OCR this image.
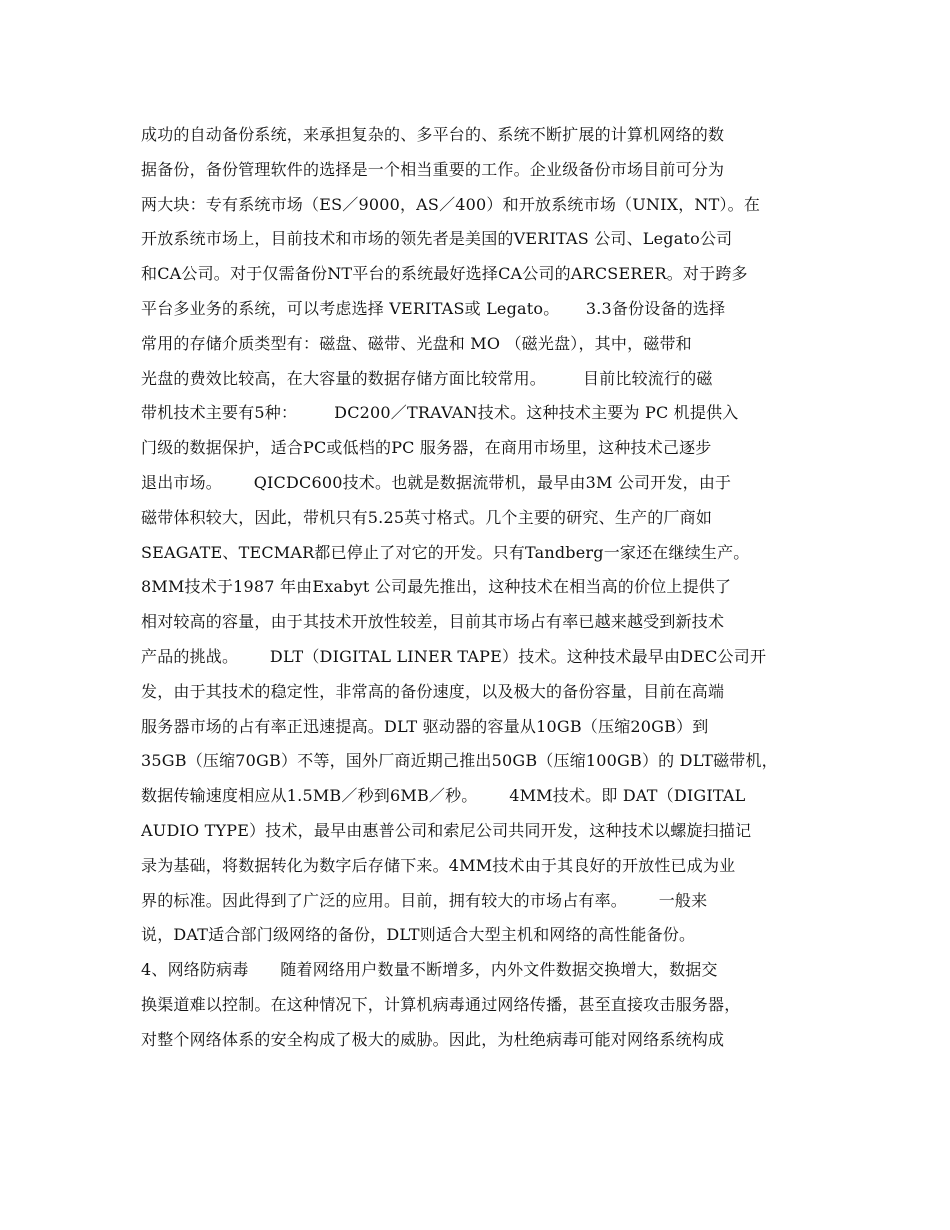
成功的自动备份系统，来承担复杂的、多平台的、系统不断扩展的计算机网络的数
据备份，备份管理软件的选择是一个相当重要的工作。企业级备份市场目前可分为
两大块：专有系统市场（ES／9000，AS／400）和开放系统市场（UNIX，NT）。在
开放系统市场上，目前技术和市场的领先者是美国的VERITAS 公司、Legato公司
和CA公司。对于仅需备份NT平台的系统最好选择CA公司的ARCSERER。对于跨多
平台多业务的系统，可以考虑选择 VERITAS或 Legato。     3.3备份设备的选择
常用的存储介质类型有：磁盘、磁带、光盘和 MO （磁光盘），其中，磁带和
光盘的费效比较高，在大容量的数据存储方面比较常用。       目前比较流行的磁
带机技术主要有5种：       DC200／TRAVAN技术。这种技术主要为 PC 机提供入
门级的数据保护，适合PC或低档的PC 服务器，在商用市场里，这种技术己逐步
退出市场。      QICDC600技术。也就是数据流带机，最早由3M 公司开发，由于
磁带体积较大，因此，带机只有5.25英寸格式。几个主要的研究、生产的厂商如
SEAGATE、TECMAR都已停止了对它的开发。只有Tandberg一家还在继续生产。
8MM技术于1987 年由Exabyt 公司最先推出，这种技术在相当高的价位上提供了
相对较高的容量，由于其技术开放性较差，目前其市场占有率已越来越受到新技术
产品的挑战。      DLT（DIGITAL LINER TAPE）技术。这种技术最早由DEC公司开
发，由于其技术的稳定性，非常高的备份速度，以及极大的备份容量，目前在高端
服务器市场的占有率正迅速提高。DLT 驱动器的容量从10GB（压缩20GB）到
35GB（压缩70GB）不等，国外厂商近期己推出50GB（压缩100GB）的 DLT磁带机，
数据传输速度相应从1.5MB／秒到6MB／秒。      4MM技术。即 DAT（DIGITAL
AUDIO TYPE）技术，最早由惠普公司和索尼公司共同开发，这种技术以螺旋扫描记
录为基础，将数据转化为数字后存储下来。4MM技术由于其良好的开放性已成为业
界的标准。因此得到了广泛的应用。目前，拥有较大的市场占有率。      一般来
说，DAT适合部门级网络的备份，DLT则适合大型主机和网络的高性能备份。
4、网络防病毒      随着网络用户数量不断增多，内外文件数据交换增大，数据交
换渠道难以控制。在这种情况下，计算机病毒通过网络传播，甚至直接攻击服务器，
对整个网络体系的安全构成了极大的威胁。因此，为杜绝病毒可能对网络系统构成
